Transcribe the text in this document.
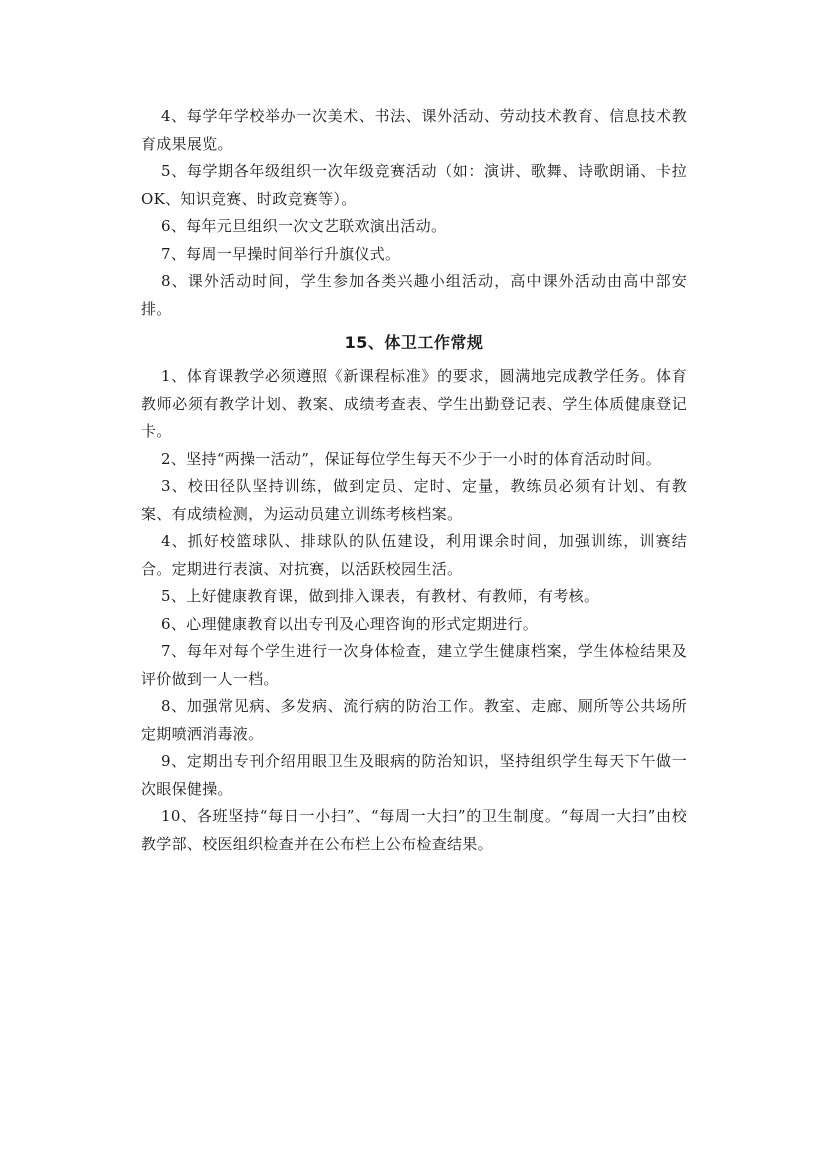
4、每学年学校举办一次美术、书法、课外活动、劳动技术教育、信息技术教育成果展览。

5、每学期各年级组织一次年级竞赛活动（如：演讲、歌舞、诗歌朗诵、卡拉OK、知识竞赛、时政竞赛等）。

6、每年元旦组织一次文艺联欢演出活动。

7、每周一早操时间举行升旗仪式。

8、课外活动时间，学生参加各类兴趣小组活动，高中课外活动由高中部安排。

15、体卫工作常规

1、体育课教学必须遵照《新课程标准》的要求，圆满地完成教学任务。体育教师必须有教学计划、教案、成绩考查表、学生出勤登记表、学生体质健康登记卡。

2、坚持“两操一活动”，保证每位学生每天不少于一小时的体育活动时间。

3、校田径队坚持训练，做到定员、定时、定量，教练员必须有计划、有教案、有成绩检测，为运动员建立训练考核档案。

4、抓好校篮球队、排球队的队伍建设，利用课余时间，加强训练，训赛结合。定期进行表演、对抗赛，以活跃校园生活。

5、上好健康教育课，做到排入课表，有教材、有教师，有考核。

6、心理健康教育以出专刊及心理咨询的形式定期进行。

7、每年对每个学生进行一次身体检查，建立学生健康档案，学生体检结果及评价做到一人一档。

8、加强常见病、多发病、流行病的防治工作。教室、走廊、厕所等公共场所定期喷洒消毒液。

9、定期出专刊介绍用眼卫生及眼病的防治知识，坚持组织学生每天下午做一次眼保健操。

10、各班坚持“每日一小扫”、“每周一大扫”的卫生制度。“每周一大扫”由校教学部、校医组织检查并在公布栏上公布检查结果。
